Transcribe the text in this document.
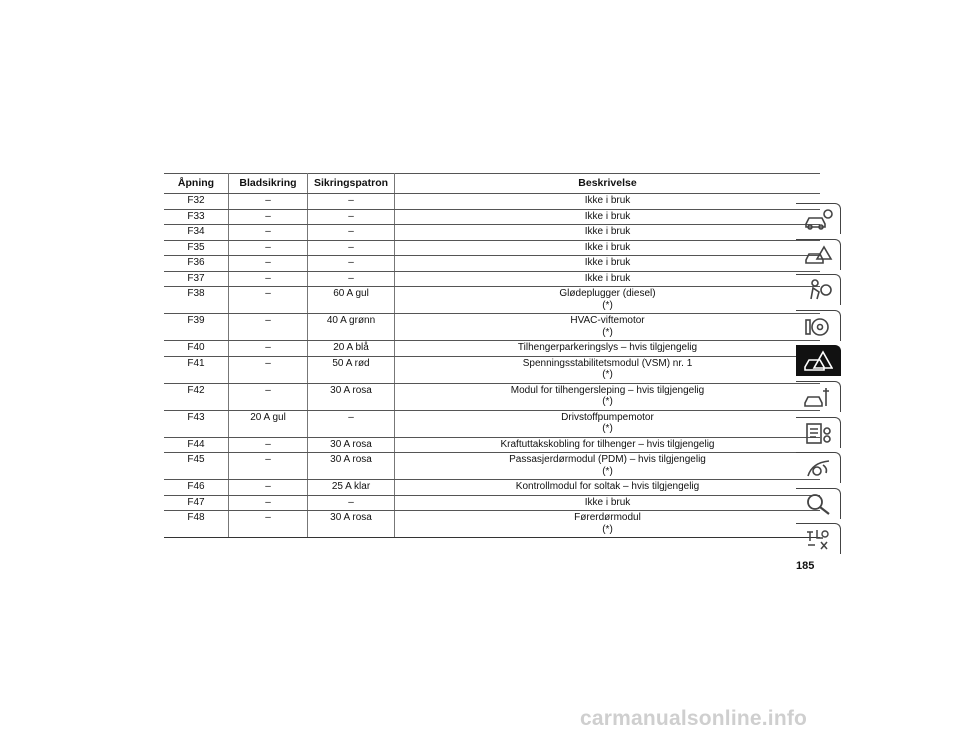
Åpning	Bladsikring	Sikringspatron	Beskrivelse
F32	–	–	Ikke i bruk

F33	–	–	Ikke i bruk

F34	–	–	Ikke i bruk

F35	–	–	Ikke i bruk

F36	–	–	Ikke i bruk

F37	–	–	Ikke i bruk

F38	–	60 A gul	Glødeplugger (diesel)
(*)

F39	–	40 A grønn	HVAC-viftemotor
(*)

F40	–	20 A blå	Tilhengerparkeringslys – hvis tilgjengelig

F41	–	50 A rød	Spenningsstabilitetsmodul (VSM) nr. 1
(*)

F42	–	30 A rosa	Modul for tilhengersleping – hvis tilgjengelig
(*)

F43	20 A gul	–	Drivstoffpumpemotor
(*)

F44	–	30 A rosa	Kraftuttakskobling for tilhenger – hvis tilgjengelig

F45	–	30 A rosa	Passasjerdørmodul (PDM) – hvis tilgjengelig
(*)

F46	–	25 A klar	Kontrollmodul for soltak – hvis tilgjengelig

F47	–	–	Ikke i bruk

F48	–	30 A rosa	Førerdørmodul
(*)
185
carmanualsonline.info
